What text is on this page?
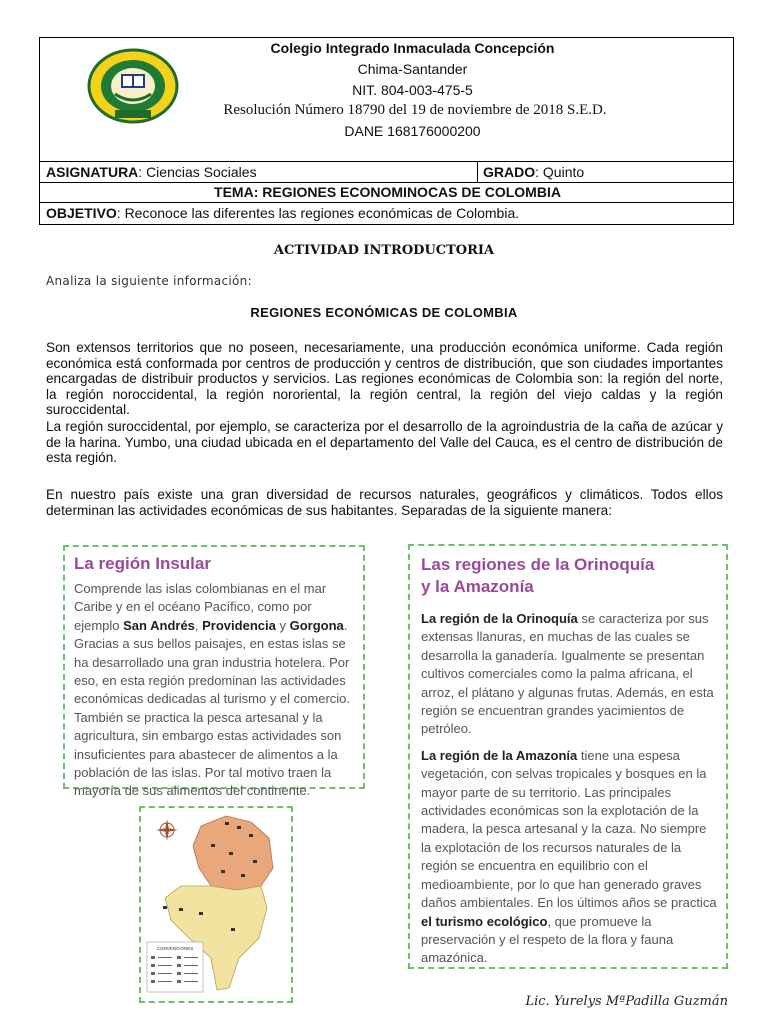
Colegio Integrado Inmaculada Concepción
Chima-Santander
NIT. 804-003-475-5
Resolución Número 18790 del 19 de noviembre de 2018 S.E.D.
DANE 168176000200
ASIGNATURA: Ciencias Sociales	GRADO: Quinto
TEMA: REGIONES ECONOMINOCAS DE COLOMBIA
OBJETIVO: Reconoce las diferentes las regiones económicas de Colombia.
ACTIVIDAD INTRODUCTORIA
Analiza la siguiente información:
REGIONES ECONÓMICAS DE COLOMBIA
Son extensos territorios que no poseen, necesariamente, una producción económica uniforme. Cada región económica está conformada por centros de producción y centros de distribución, que son ciudades importantes encargadas de distribuir productos y servicios. Las regiones económicas de Colombia son: la región del norte, la región noroccidental, la región nororiental, la región central, la región del viejo caldas y la región suroccidental.
La región suroccidental, por ejemplo, se caracteriza por el desarrollo de la agroindustria de la caña de azúcar y de la harina. Yumbo, una ciudad ubicada en el departamento del Valle del Cauca, es el centro de distribución de esta región.
En nuestro país existe una gran diversidad de recursos naturales, geográficos y climáticos. Todos ellos determinan las actividades económicas de sus habitantes. Separadas de la siguiente manera:
La región Insular
Comprende las islas colombianas en el mar Caribe y en el océano Pacífico, como por ejemplo San Andrés, Providencia y Gorgona. Gracias a sus bellos paisajes, en estas islas se ha desarrollado una gran industria hotelera. Por eso, en esta región predominan las actividades económicas dedicadas al turismo y el comercio. También se practica la pesca artesanal y la agricultura, sin embargo estas actividades son insuficientes para abastecer de alimentos a la población de las islas. Por tal motivo traen la mayoría de sus alimentos del continente.
Las regiones de la Orinoquía
y la Amazonía
La región de la Orinoquía se caracteriza por sus extensas llanuras, en muchas de las cuales se desarrolla la ganadería. Igualmente se presentan cultivos comerciales como la palma africana, el arroz, el plátano y algunas frutas. Además, en esta región se encuentran grandes yacimientos de petróleo.
La región de la Amazonía tiene una espesa vegetación, con selvas tropicales y bosques en la mayor parte de su territorio. Las principales actividades económicas son la explotación de la madera, la pesca artesanal y la caza. No siempre la explotación de los recursos naturales de la región se encuentra en equilibrio con el medioambiente, por lo que han generado graves daños ambientales. En los últimos años se practica el turismo ecológico, que promueve la preservación y el respeto de la flora y fauna amazónica.
CONVENCIONES
Lic. Yurelys MªPadilla Guzmán
